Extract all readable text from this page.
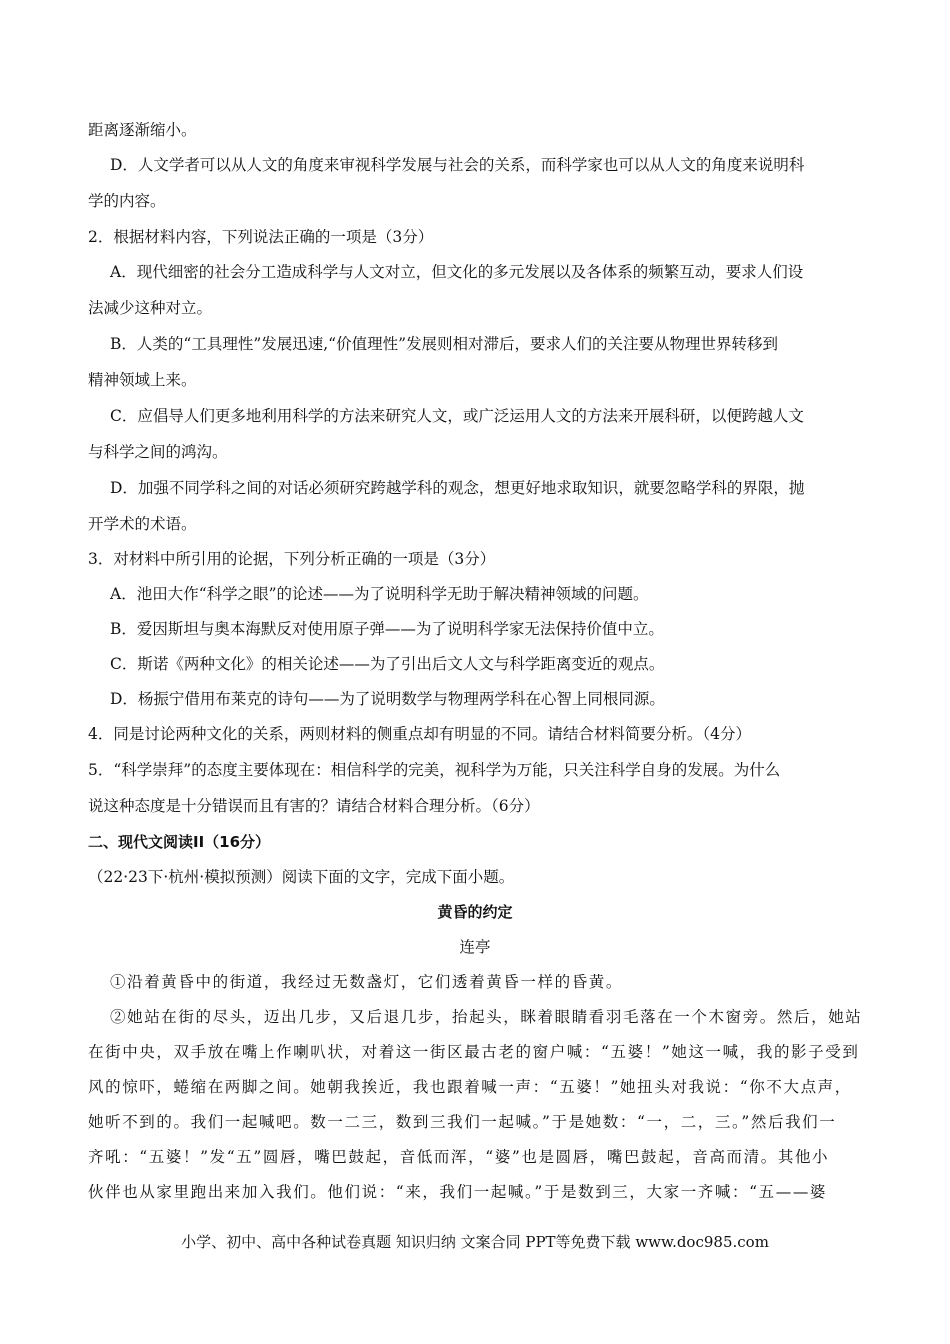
距离逐渐缩小。
D．人文学者可以从人文的角度来审视科学发展与社会的关系，而科学家也可以从人文的角度来说明科
学的内容。
2．根据材料内容，下列说法正确的一项是（3分）
A．现代细密的社会分工造成科学与人文对立，但文化的多元发展以及各体系的频繁互动，要求人们设
法减少这种对立。
B．人类的“工具理性”发展迅速,“价值理性”发展则相对滞后，要求人们的关注要从物理世界转移到
精神领域上来。
C．应倡导人们更多地利用科学的方法来研究人文，或广泛运用人文的方法来开展科研，以便跨越人文
与科学之间的鸿沟。
D．加强不同学科之间的对话必须研究跨越学科的观念，想更好地求取知识，就要忽略学科的界限，抛
开学术的术语。
3．对材料中所引用的论据，下列分析正确的一项是（3分）
A．池田大作“科学之眼”的论述——为了说明科学无助于解决精神领域的问题。
B．爱因斯坦与奥本海默反对使用原子弹——为了说明科学家无法保持价值中立。
C．斯诺《两种文化》的相关论述——为了引出后文人文与科学距离变近的观点。
D．杨振宁借用布莱克的诗句——为了说明数学与物理两学科在心智上同根同源。
4．同是讨论两种文化的关系，两则材料的侧重点却有明显的不同。请结合材料简要分析。（4分）
5．“科学崇拜”的态度主要体现在：相信科学的完美，视科学为万能，只关注科学自身的发展。为什么
说这种态度是十分错误而且有害的？请结合材料合理分析。（6分）
二、现代文阅读II（16分）
（22·23下·杭州·模拟预测）阅读下面的文字，完成下面小题。
黄昏的约定
连亭
①沿着黄昏中的街道，我经过无数盏灯，它们透着黄昏一样的昏黄。
②她站在街的尽头，迈出几步，又后退几步，抬起头，眯着眼睛看羽毛落在一个木窗旁。然后，她站
在街中央，双手放在嘴上作喇叭状，对着这一街区最古老的窗户喊：“五婆！”她这一喊，我的影子受到
风的惊吓，蜷缩在两脚之间。她朝我挨近，我也跟着喊一声：“五婆！”她扭头对我说：“你不大点声，
她听不到的。我们一起喊吧。数一二三，数到三我们一起喊。”于是她数：“一，二，三。”然后我们一
齐吼：“五婆！”发“五”圆唇，嘴巴鼓起，音低而浑，“婆”也是圆唇，嘴巴鼓起，音高而清。其他小
伙伴也从家里跑出来加入我们。他们说：“来，我们一起喊。”于是数到三，大家一齐喊：“五——婆
小学、初中、高中各种试卷真题 知识归纳 文案合同 PPT等免费下载 www.doc985.com
